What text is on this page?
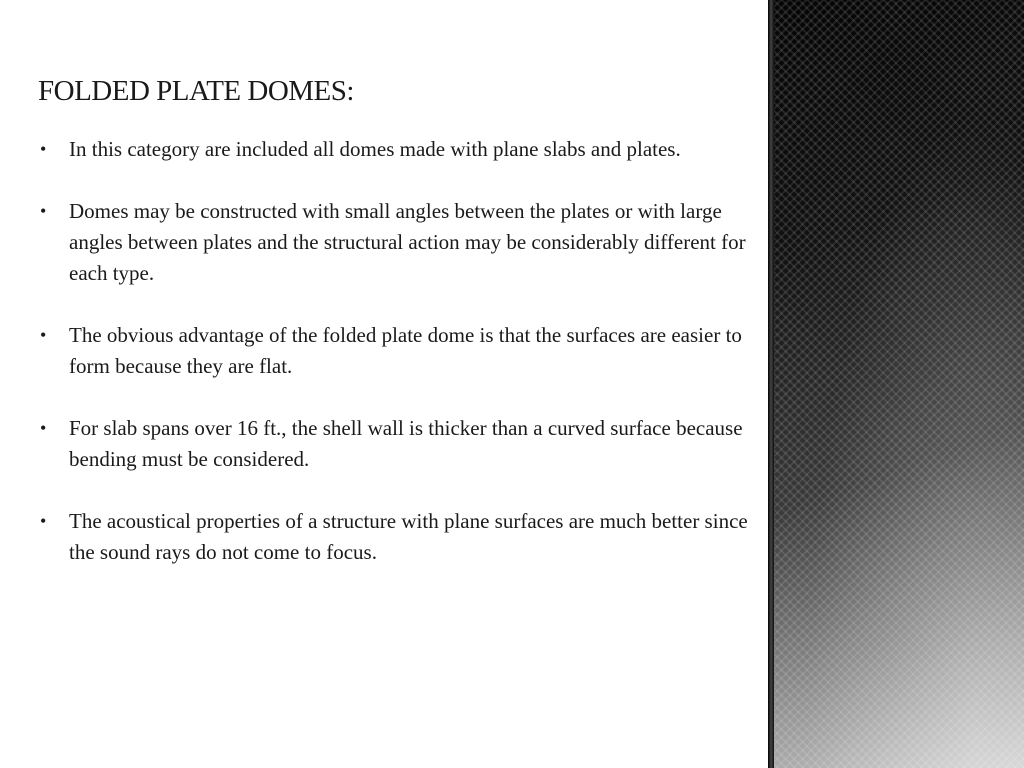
FOLDED PLATE DOMES:
• In this category are included all domes made with plane slabs and plates.
• Domes may be constructed with small angles between the plates or with large angles between plates and the structural action may be considerably different for each type.
• The obvious advantage of the folded plate dome is that the surfaces are easier to form because they are flat.
• For slab spans over 16 ft., the shell wall is thicker than a curved surface because bending must be considered.
• The acoustical properties of a structure with plane surfaces are much better since the sound rays do not come to focus.
